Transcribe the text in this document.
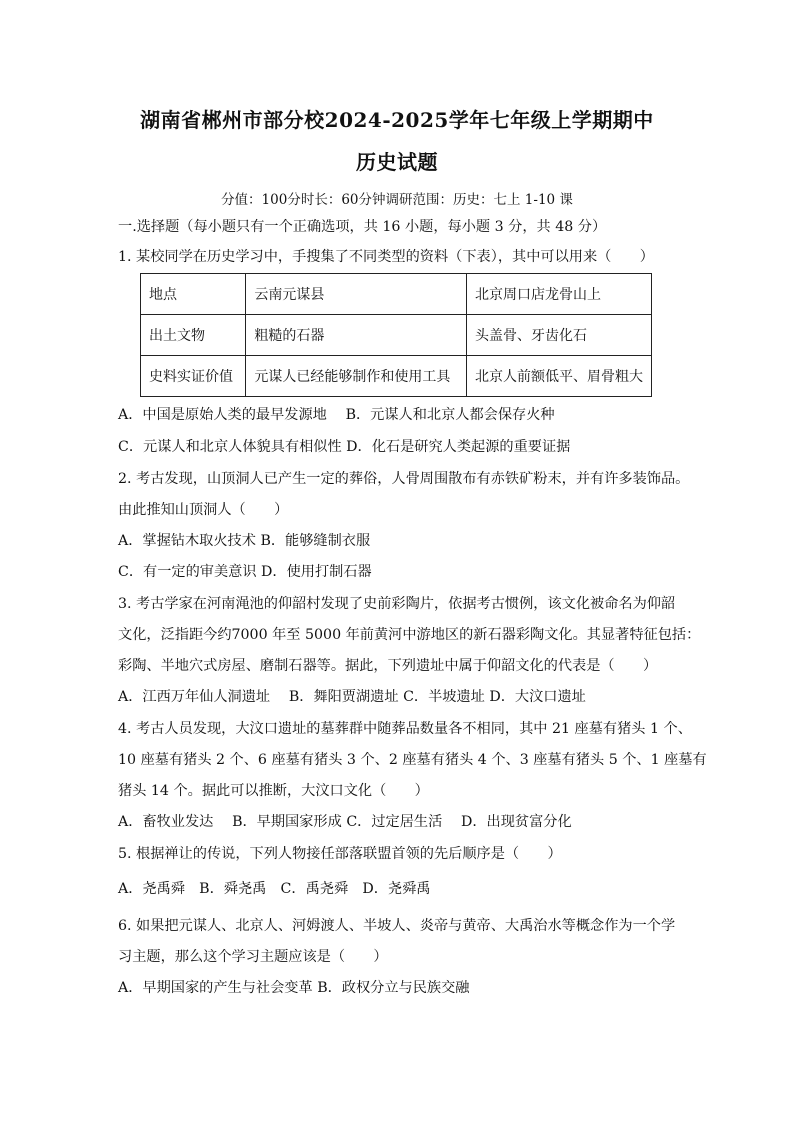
湖南省郴州市部分校2024-2025学年七年级上学期期中
历史试题
分值：100分时长：60分钟调研范围：历史：七上 1-10 课
一.选择题（每小题只有一个正确选项，共 16 小题，每小题 3 分，共 48 分）
1. 某校同学在历史学习中，手搜集了不同类型的资料（下表），其中可以用来（　　）
地点	云南元谋县	北京周口店龙骨山上
出土文物	粗糙的石器	头盖骨、牙齿化石
史料实证价值	元谋人已经能够制作和使用工具	北京人前额低平、眉骨粗大
A．中国是原始人类的最早发源地　 B．元谋人和北京人都会保存火种
C．元谋人和北京人体貌具有相似性 D．化石是研究人类起源的重要证据
2. 考古发现，山顶洞人已产生一定的葬俗，人骨周围散布有赤铁矿粉末，并有许多装饰品。
由此推知山顶洞人（　　）
A．掌握钻木取火技术 B．能够缝制衣服
C．有一定的审美意识 D．使用打制石器
3. 考古学家在河南渑池的仰韶村发现了史前彩陶片，依据考古惯例，该文化被命名为仰韶
文化，泛指距今约7000 年至 5000 年前黄河中游地区的新石器彩陶文化。其显著特征包括：
彩陶、半地穴式房屋、磨制石器等。据此，下列遗址中属于仰韶文化的代表是（　　）
A．江西万年仙人洞遗址　 B．舞阳贾湖遗址 C．半坡遗址 D．大汶口遗址
4. 考古人员发现，大汶口遗址的墓葬群中随葬品数量各不相同，其中 21 座墓有猪头 1 个、
10 座墓有猪头 2 个、6 座墓有猪头 3 个、2 座墓有猪头 4 个、3 座墓有猪头 5 个、1 座墓有
猪头 14 个。据此可以推断，大汶口文化（　　）
A．畜牧业发达　 B．早期国家形成 C．过定居生活　 D．出现贫富分化
5. 根据禅让的传说，下列人物接任部落联盟首领的先后顺序是（　　）
A．尧禹舜　B．舜尧禹　C．禹尧舜　D．尧舜禹
6. 如果把元谋人、北京人、河姆渡人、半坡人、炎帝与黄帝、大禹治水等概念作为一个学
习主题，那么这个学习主题应该是（　　）
A．早期国家的产生与社会变革 B．政权分立与民族交融
